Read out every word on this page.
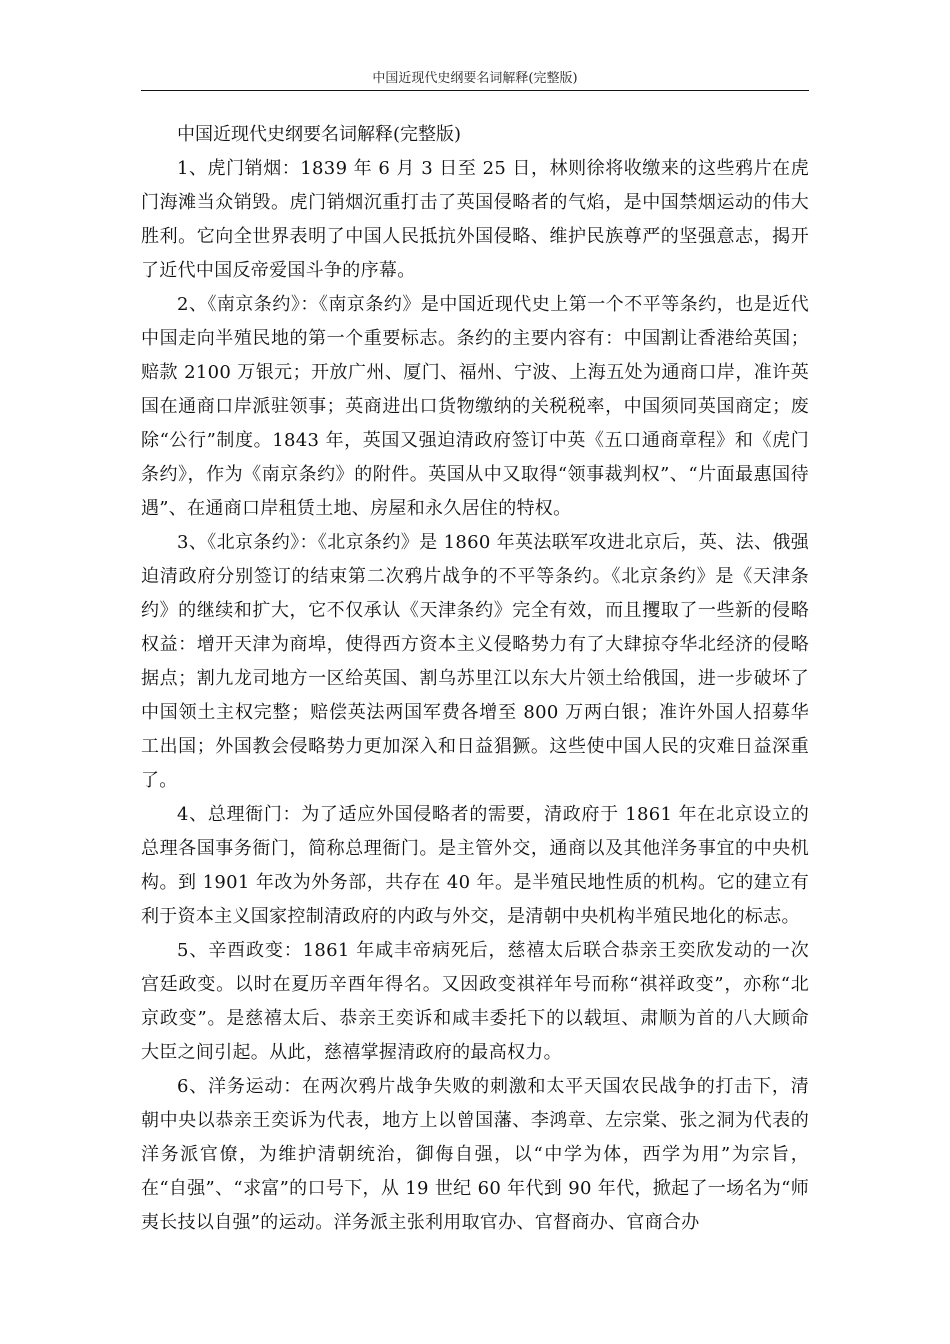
中国近现代史纲要名词解释(完整版)

中国近现代史纲要名词解释(完整版)

1、虎门销烟：1839 年 6 月 3 日至 25 日，林则徐将收缴来的这些鸦片在虎门海滩当众销毁。虎门销烟沉重打击了英国侵略者的气焰，是中国禁烟运动的伟大胜利。它向全世界表明了中国人民抵抗外国侵略、维护民族尊严的坚强意志，揭开了近代中国反帝爱国斗争的序幕。

2、《南京条约》：《南京条约》是中国近现代史上第一个不平等条约，也是近代中国走向半殖民地的第一个重要标志。条约的主要内容有：中国割让香港给英国；赔款 2100 万银元；开放广州、厦门、福州、宁波、上海五处为通商口岸，准许英国在通商口岸派驻领事；英商进出口货物缴纳的关税税率，中国须同英国商定；废除“公行”制度。1843 年，英国又强迫清政府签订中英《五口通商章程》和《虎门条约》，作为《南京条约》的附件。英国从中又取得“领事裁判权”、“片面最惠国待遇”、在通商口岸租赁土地、房屋和永久居住的特权。

3、《北京条约》：《北京条约》是 1860 年英法联军攻进北京后，英、法、俄强迫清政府分别签订的结束第二次鸦片战争的不平等条约。《北京条约》是《天津条约》的继续和扩大，它不仅承认《天津条约》完全有效，而且攫取了一些新的侵略权益：增开天津为商埠，使得西方资本主义侵略势力有了大肆掠夺华北经济的侵略据点；割九龙司地方一区给英国、割乌苏里江以东大片领土给俄国，进一步破坏了中国领土主权完整；赔偿英法两国军费各增至 800 万两白银；准许外国人招募华工出国；外国教会侵略势力更加深入和日益猖獗。这些使中国人民的灾难日益深重了。

4、总理衙门：为了适应外国侵略者的需要，清政府于 1861 年在北京设立的总理各国事务衙门，简称总理衙门。是主管外交，通商以及其他洋务事宜的中央机构。到 1901 年改为外务部，共存在 40 年。是半殖民地性质的机构。它的建立有利于资本主义国家控制清政府的内政与外交，是清朝中央机构半殖民地化的标志。

5、辛酉政变：1861 年咸丰帝病死后，慈禧太后联合恭亲王奕欣发动的一次宫廷政变。以时在夏历辛酉年得名。又因政变祺祥年号而称“祺祥政变”，亦称“北京政变”。是慈禧太后、恭亲王奕诉和咸丰委托下的以载垣、肃顺为首的八大顾命大臣之间引起。从此，慈禧掌握清政府的最高权力。

6、洋务运动：在两次鸦片战争失败的刺激和太平天国农民战争的打击下，清朝中央以恭亲王奕诉为代表，地方上以曾国藩、李鸿章、左宗棠、张之洞为代表的洋务派官僚，为维护清朝统治，御侮自强，以“中学为体，西学为用”为宗旨，在“自强”、“求富”的口号下，从 19 世纪 60 年代到 90 年代，掀起了一场名为“师夷长技以自强”的运动。洋务派主张利用取官办、官督商办、官商合办
